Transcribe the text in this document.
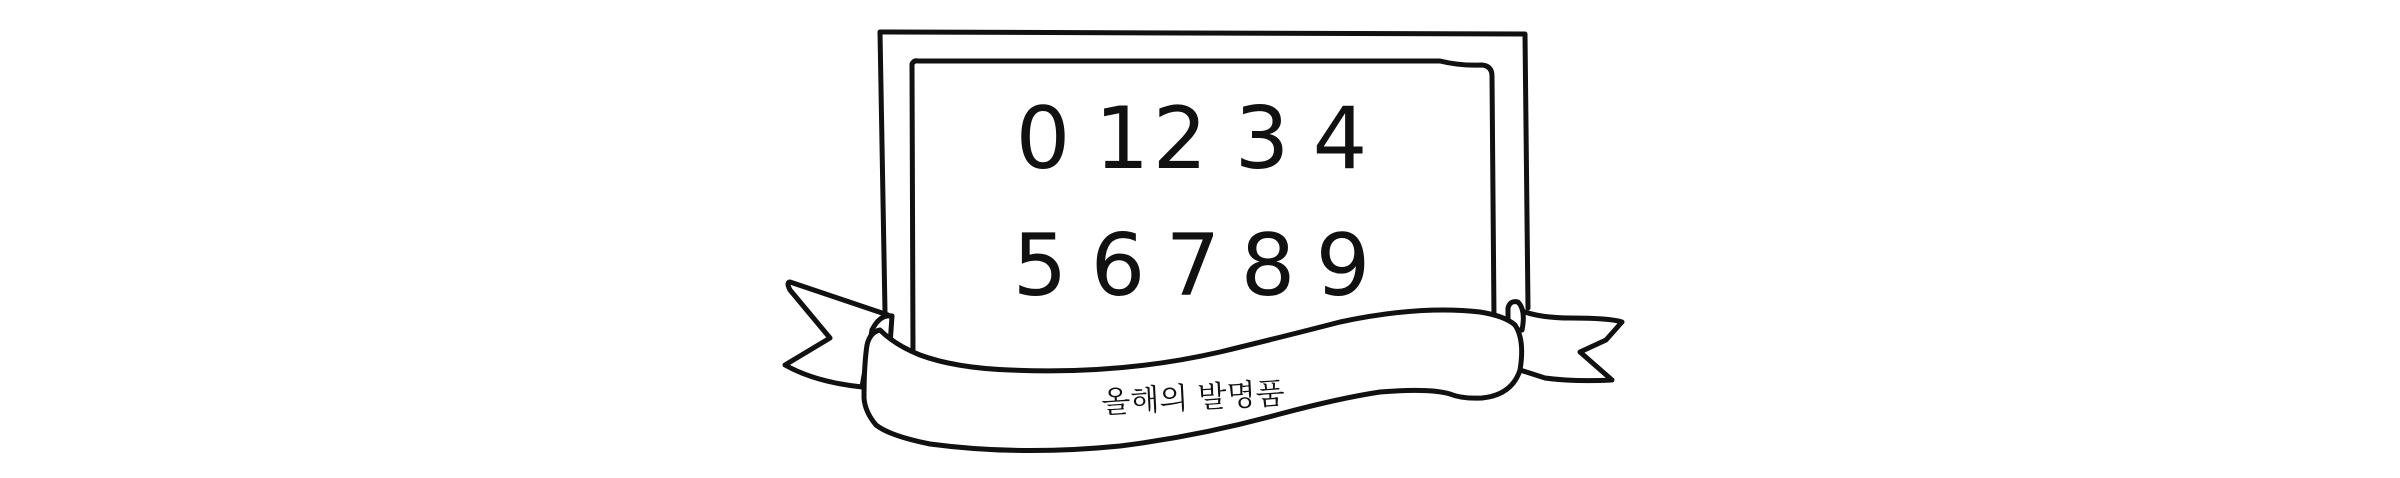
0 1 2 3 4
5 6 7 8 9
올해의 발명품
